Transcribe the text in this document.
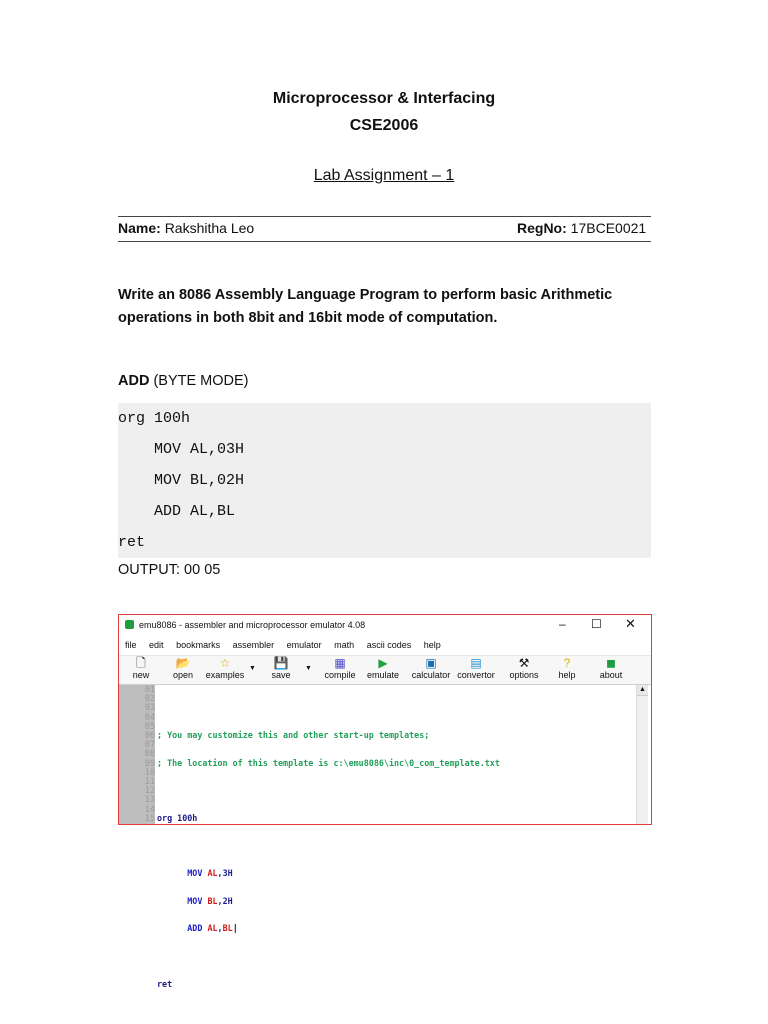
Microprocessor & Interfacing
CSE2006
Lab Assignment – 1
Name: Rakshitha Leo	RegNo: 17BCE0021
Write an 8086 Assembly Language Program to perform basic Arithmetic
operations in both 8bit and 16bit mode of computation.
ADD (BYTE MODE)
org 100h
MOV AL,03H
MOV BL,02H
ADD AL,BL
ret
OUTPUT: 00 05
emu8086 - assembler and microprocessor emulator 4.08	– ☐ ✕
file edit bookmarks assembler emulator math ascii codes help
🗋
new
📂
open
☆
examples
▼	💾
save
▼	▦
compile
▶
emulate
▣
calculator
▤
convertor
⚒
options
?
help
◼
about
01
02
03
04
05
06
07
08
09
10
11
12
13
14
15

; You may customize this and other start-up templates;

; The location of this template is c:\emu8086\inc\0_com_template.txt

org 100h

MOV AL,3H

MOV BL,2H

ADD AL,BL|

ret

▲
